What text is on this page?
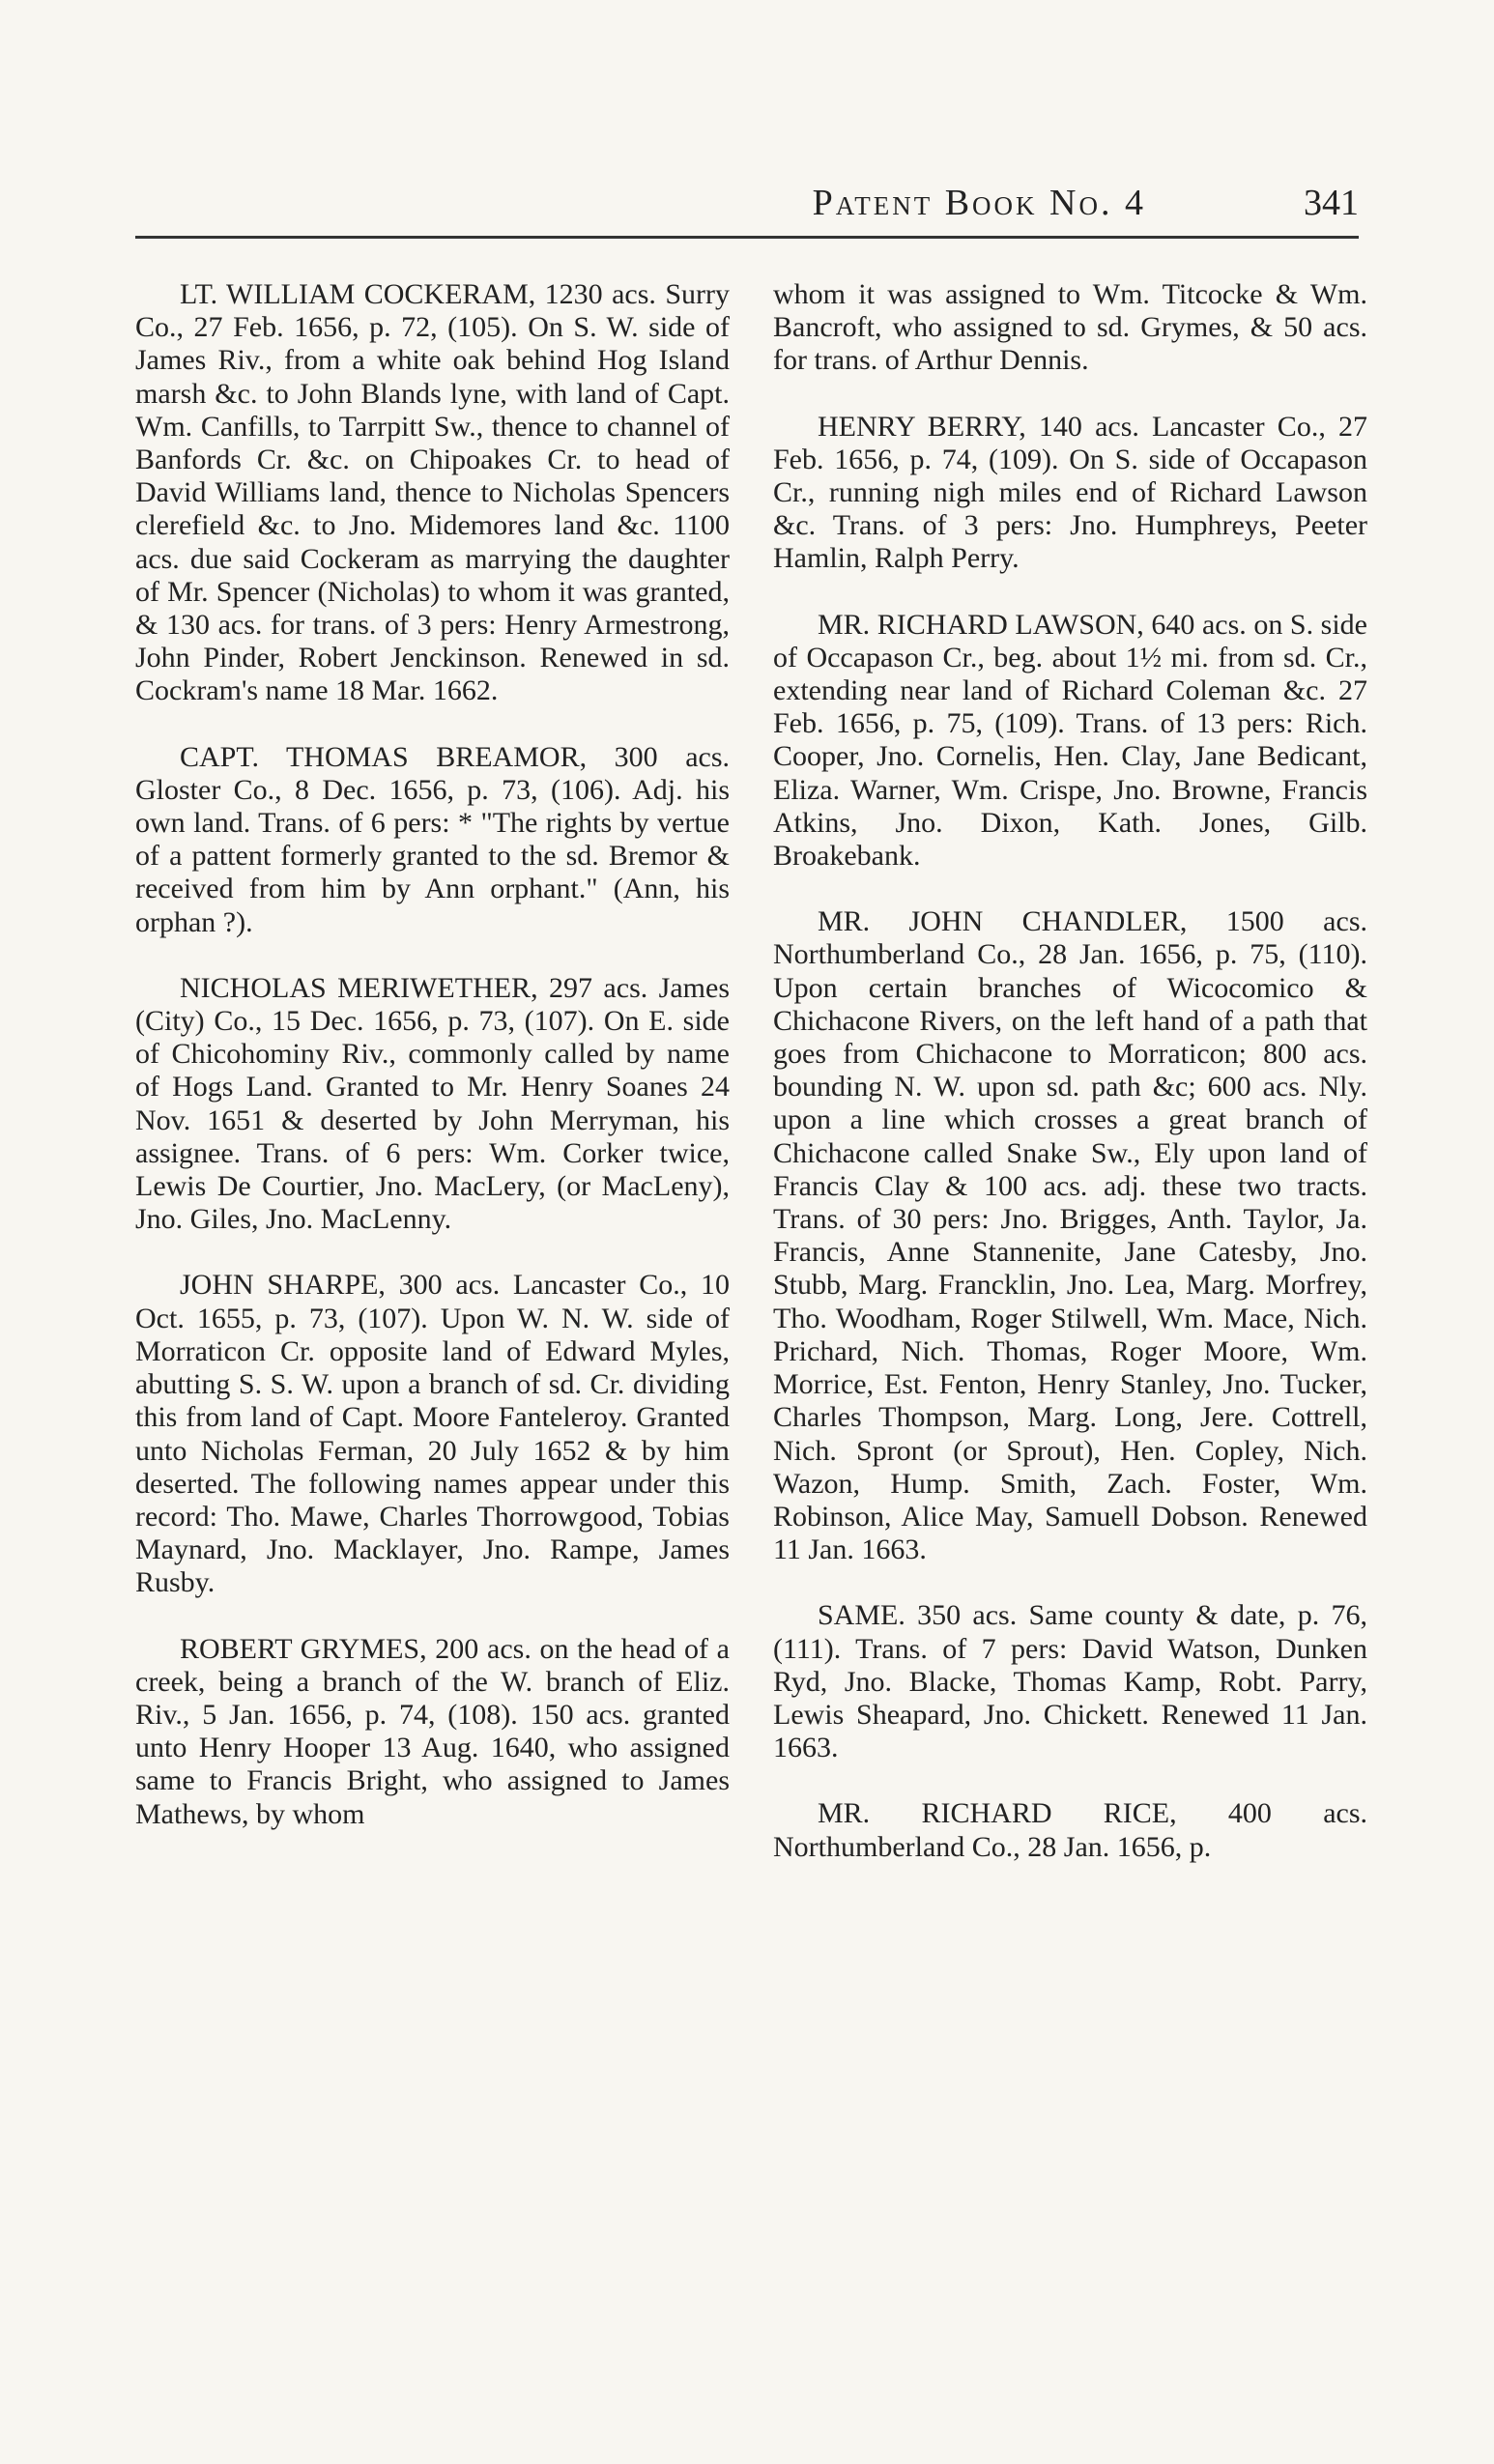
Patent Book No. 4	341

LT. WILLIAM COCKERAM, 1230 acs. Surry Co., 27 Feb. 1656, p. 72, (105). On S. W. side of James Riv., from a white oak behind Hog Island marsh &c. to John Blands lyne, with land of Capt. Wm. Canfills, to Tarrpitt Sw., thence to channel of Banfords Cr. &c. on Chipoakes Cr. to head of David Williams land, thence to Nicholas Spencers clerefield &c. to Jno. Midemores land &c. 1100 acs. due said Cockeram as marrying the daughter of Mr. Spencer (Nicholas) to whom it was granted, & 130 acs. for trans. of 3 pers: Henry Armestrong, John Pinder, Robert Jenckinson. Renewed in sd. Cockram's name 18 Mar. 1662.

CAPT. THOMAS BREAMOR, 300 acs. Gloster Co., 8 Dec. 1656, p. 73, (106). Adj. his own land. Trans. of 6 pers: * "The rights by vertue of a pattent formerly granted to the sd. Bremor & received from him by Ann orphant." (Ann, his orphan ?).

NICHOLAS MERIWETHER, 297 acs. James (City) Co., 15 Dec. 1656, p. 73, (107). On E. side of Chicohominy Riv., commonly called by name of Hogs Land. Granted to Mr. Henry Soanes 24 Nov. 1651 & deserted by John Merryman, his assignee. Trans. of 6 pers: Wm. Corker twice, Lewis De Courtier, Jno. MacLery, (or MacLeny), Jno. Giles, Jno. MacLenny.

JOHN SHARPE, 300 acs. Lancaster Co., 10 Oct. 1655, p. 73, (107). Upon W. N. W. side of Morraticon Cr. opposite land of Edward Myles, abutting S. S. W. upon a branch of sd. Cr. dividing this from land of Capt. Moore Fanteleroy. Granted unto Nicholas Ferman, 20 July 1652 & by him deserted. The following names appear under this record: Tho. Mawe, Charles Thorrowgood, Tobias Maynard, Jno. Macklayer, Jno. Rampe, James Rusby.

ROBERT GRYMES, 200 acs. on the head of a creek, being a branch of the W. branch of Eliz. Riv., 5 Jan. 1656, p. 74, (108). 150 acs. granted unto Henry Hooper 13 Aug. 1640, who assigned same to Francis Bright, who assigned to James Mathews, by whom

whom it was assigned to Wm. Titcocke & Wm. Bancroft, who assigned to sd. Grymes, & 50 acs. for trans. of Arthur Dennis.

HENRY BERRY, 140 acs. Lancaster Co., 27 Feb. 1656, p. 74, (109). On S. side of Occapason Cr., running nigh miles end of Richard Lawson &c. Trans. of 3 pers: Jno. Humphreys, Peeter Hamlin, Ralph Perry.

MR. RICHARD LAWSON, 640 acs. on S. side of Occapason Cr., beg. about 1½ mi. from sd. Cr., extending near land of Richard Coleman &c. 27 Feb. 1656, p. 75, (109). Trans. of 13 pers: Rich. Cooper, Jno. Cornelis, Hen. Clay, Jane Bedicant, Eliza. Warner, Wm. Crispe, Jno. Browne, Francis Atkins, Jno. Dixon, Kath. Jones, Gilb. Broakebank.

MR. JOHN CHANDLER, 1500 acs. Northumberland Co., 28 Jan. 1656, p. 75, (110). Upon certain branches of Wicocomico & Chichacone Rivers, on the left hand of a path that goes from Chichacone to Morraticon; 800 acs. bounding N. W. upon sd. path &c; 600 acs. Nly. upon a line which crosses a great branch of Chichacone called Snake Sw., Ely upon land of Francis Clay & 100 acs. adj. these two tracts. Trans. of 30 pers: Jno. Brigges, Anth. Taylor, Ja. Francis, Anne Stannenite, Jane Catesby, Jno. Stubb, Marg. Francklin, Jno. Lea, Marg. Morfrey, Tho. Woodham, Roger Stilwell, Wm. Mace, Nich. Prichard, Nich. Thomas, Roger Moore, Wm. Morrice, Est. Fenton, Henry Stanley, Jno. Tucker, Charles Thompson, Marg. Long, Jere. Cottrell, Nich. Spront (or Sprout), Hen. Copley, Nich. Wazon, Hump. Smith, Zach. Foster, Wm. Robinson, Alice May, Samuell Dobson. Renewed 11 Jan. 1663.

SAME. 350 acs. Same county & date, p. 76, (111). Trans. of 7 pers: David Watson, Dunken Ryd, Jno. Blacke, Thomas Kamp, Robt. Parry, Lewis Sheapard, Jno. Chickett. Renewed 11 Jan. 1663.

MR. RICHARD RICE, 400 acs. Northumberland Co., 28 Jan. 1656, p.
